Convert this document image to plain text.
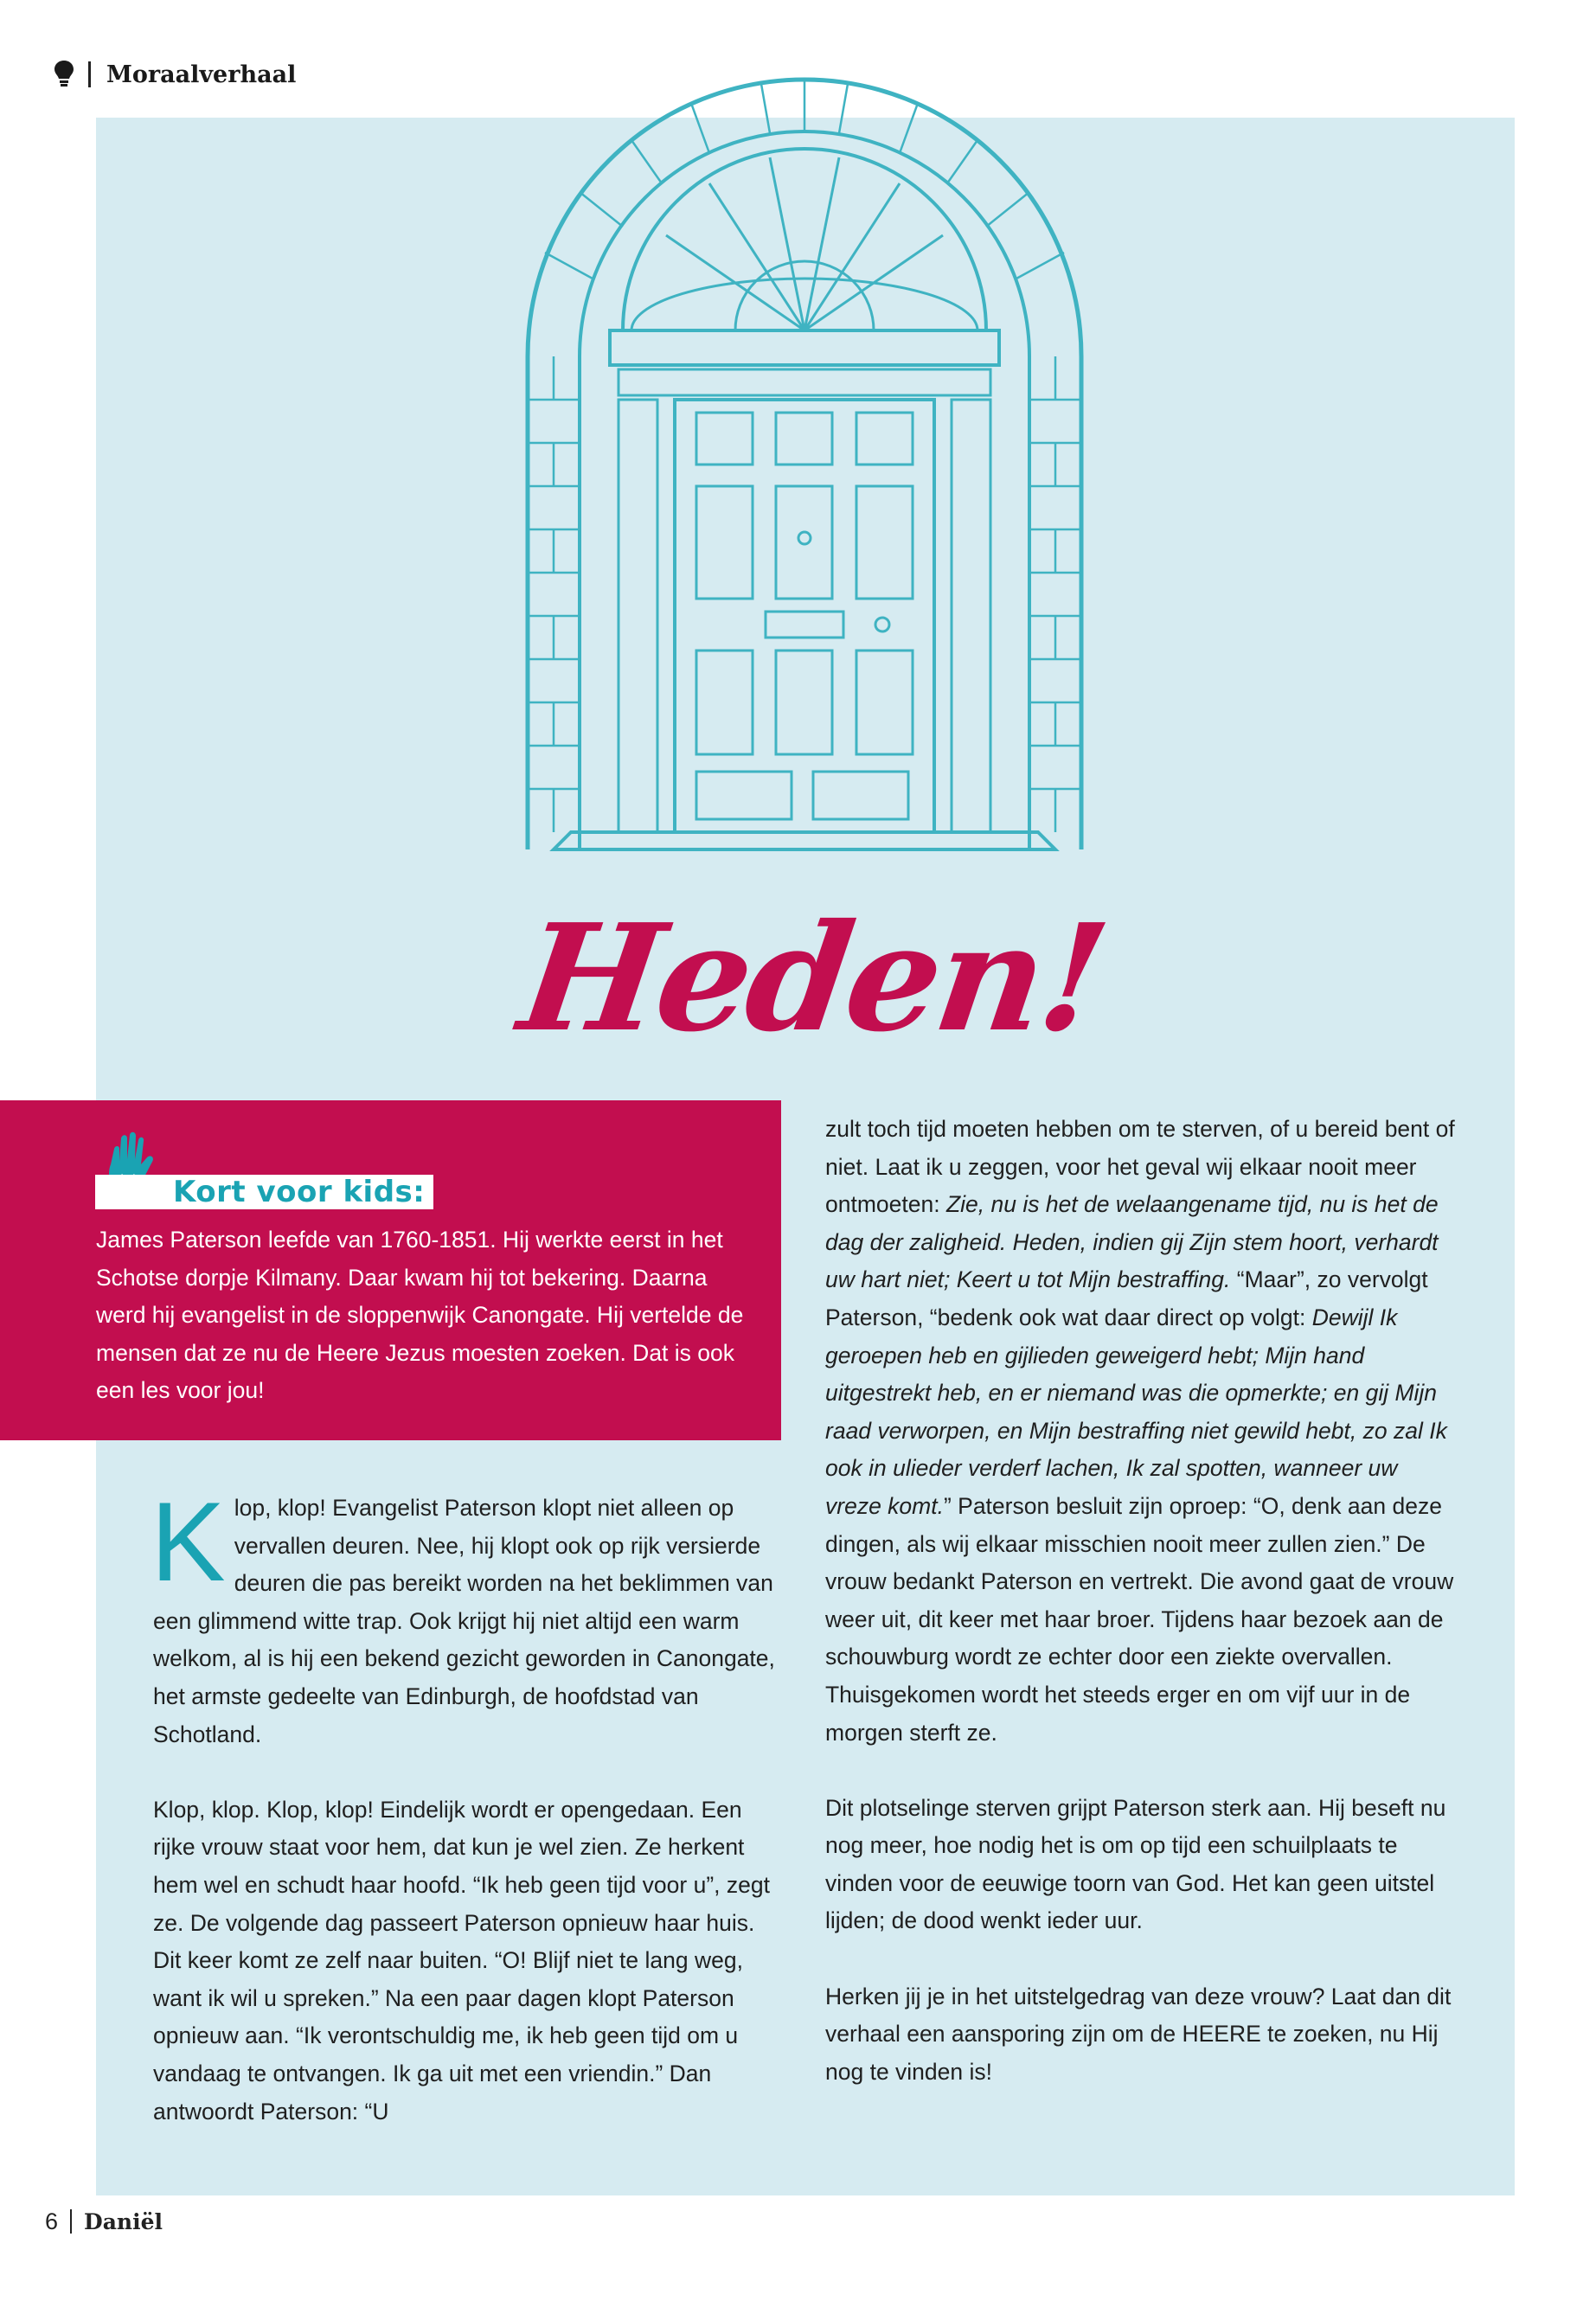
Moraalverhaal
Heden!
Kort voor kids:

James Paterson leefde van 1760-1851. Hij werkte eerst in het Schotse dorpje Kilmany. Daar kwam hij tot bekering. Daarna werd hij evangelist in de sloppenwijk Canongate. Hij vertelde de mensen dat ze nu de Heere Jezus moesten zoeken. Dat is ook een les voor jou!

Klop, klop! Evangelist Paterson klopt niet alleen op vervallen deuren. Nee, hij klopt ook op rijk versierde deuren die pas bereikt worden na het beklimmen van een glimmend witte trap. Ook krijgt hij niet altijd een warm welkom, al is hij een bekend gezicht geworden in Canongate, het armste gedeelte van Edinburgh, de hoofdstad van Schotland.

Klop, klop. Klop, klop! Eindelijk wordt er opengedaan. Een rijke vrouw staat voor hem, dat kun je wel zien. Ze herkent hem wel en schudt haar hoofd. “Ik heb geen tijd voor u”, zegt ze. De volgende dag passeert Paterson opnieuw haar huis. Dit keer komt ze zelf naar buiten. “O! Blijf niet te lang weg, want ik wil u spreken.” Na een paar dagen klopt Paterson opnieuw aan. “Ik verontschuldig me, ik heb geen tijd om u vandaag te ontvangen. Ik ga uit met een vriendin.” Dan antwoordt Paterson: “U

zult toch tijd moeten hebben om te sterven, of u bereid bent of niet. Laat ik u zeggen, voor het geval wij elkaar nooit meer ontmoeten: Zie, nu is het de welaangename tijd, nu is het de dag der zaligheid. Heden, indien gij Zijn stem hoort, verhardt uw hart niet; Keert u tot Mijn bestraffing. “Maar”, zo vervolgt Paterson, “bedenk ook wat daar direct op volgt: Dewijl Ik geroepen heb en gijlieden geweigerd hebt; Mijn hand uitgestrekt heb, en er niemand was die opmerkte; en gij Mijn raad verworpen, en Mijn bestraffing niet gewild hebt, zo zal Ik ook in ulieder verderf lachen, Ik zal spotten, wanneer uw vreze komt.” Paterson besluit zijn oproep: “O, denk aan deze dingen, als wij elkaar misschien nooit meer zullen zien.” De vrouw bedankt Paterson en vertrekt. Die avond gaat de vrouw weer uit, dit keer met haar broer. Tijdens haar bezoek aan de schouwburg wordt ze echter door een ziekte overvallen. Thuisgekomen wordt het steeds erger en om vijf uur in de morgen sterft ze.

Dit plotselinge sterven grijpt Paterson sterk aan. Hij beseft nu nog meer, hoe nodig het is om op tijd een schuilplaats te vinden voor de eeuwige toorn van God. Het kan geen uitstel lijden; de dood wenkt ieder uur.

Herken jij je in het uitstelgedrag van deze vrouw? Laat dan dit verhaal een aansporing zijn om de HEERE te zoeken, nu Hij nog te vinden is!

6 Daniël
